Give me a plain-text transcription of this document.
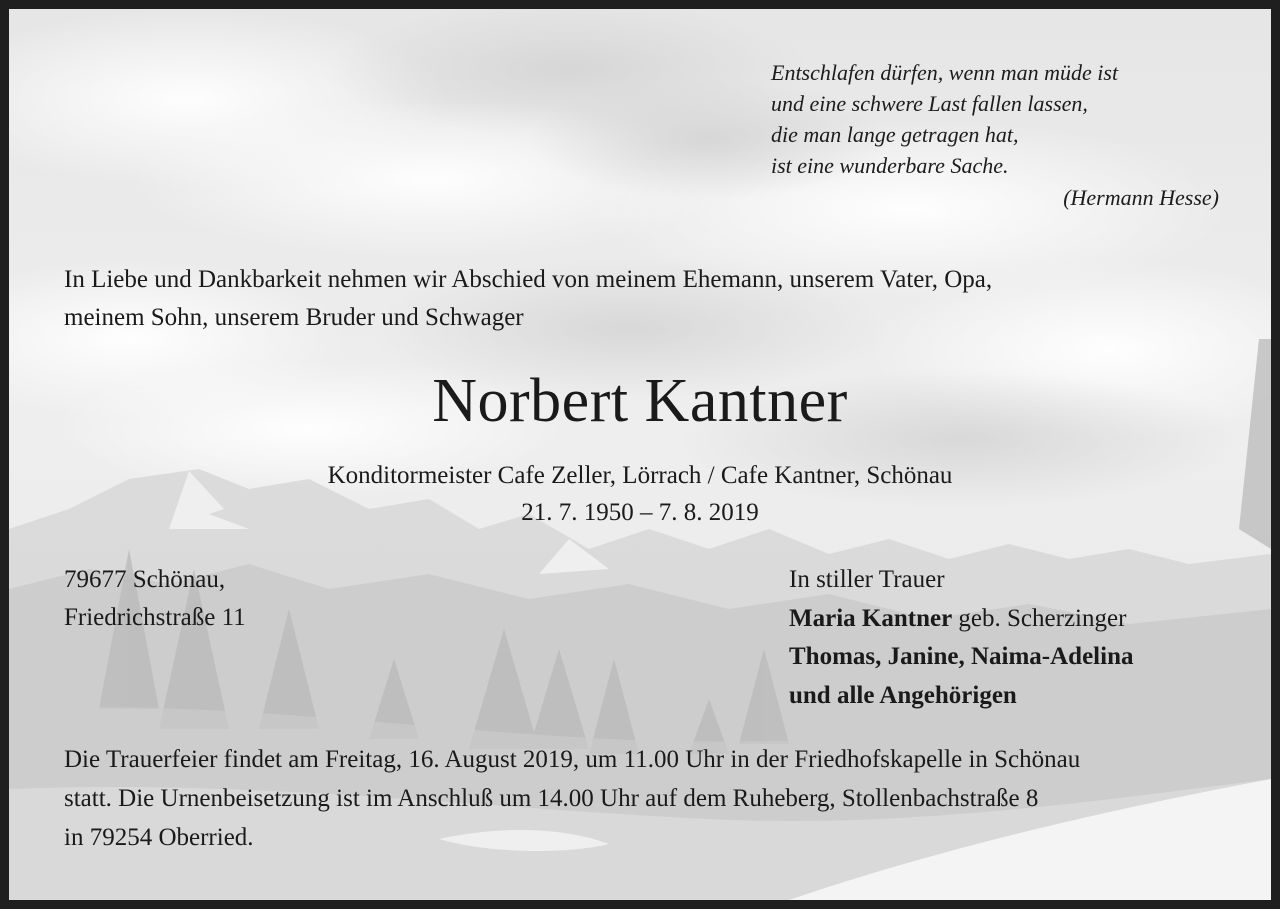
Entschlafen dürfen, wenn man müde ist
und eine schwere Last fallen lassen,
die man lange getragen hat,
ist eine wunderbare Sache.
(Hermann Hesse)
In Liebe und Dankbarkeit nehmen wir Abschied von meinem Ehemann, unserem Vater, Opa,
meinem Sohn, unserem Bruder und Schwager
Norbert Kantner
Konditormeister Cafe Zeller, Lörrach / Cafe Kantner, Schönau
21. 7. 1950 – 7. 8. 2019
79677 Schönau,
Friedrichstraße 11
In stiller Trauer
Maria Kantner geb. Scherzinger
Thomas, Janine, Naima-Adelina
und alle Angehörigen
Die Trauerfeier findet am Freitag, 16. August 2019, um 11.00 Uhr in der Friedhofskapelle in Schönau
statt. Die Urnenbeisetzung ist im Anschluß um 14.00 Uhr auf dem Ruheberg, Stollenbachstraße 8
in 79254 Oberried.
